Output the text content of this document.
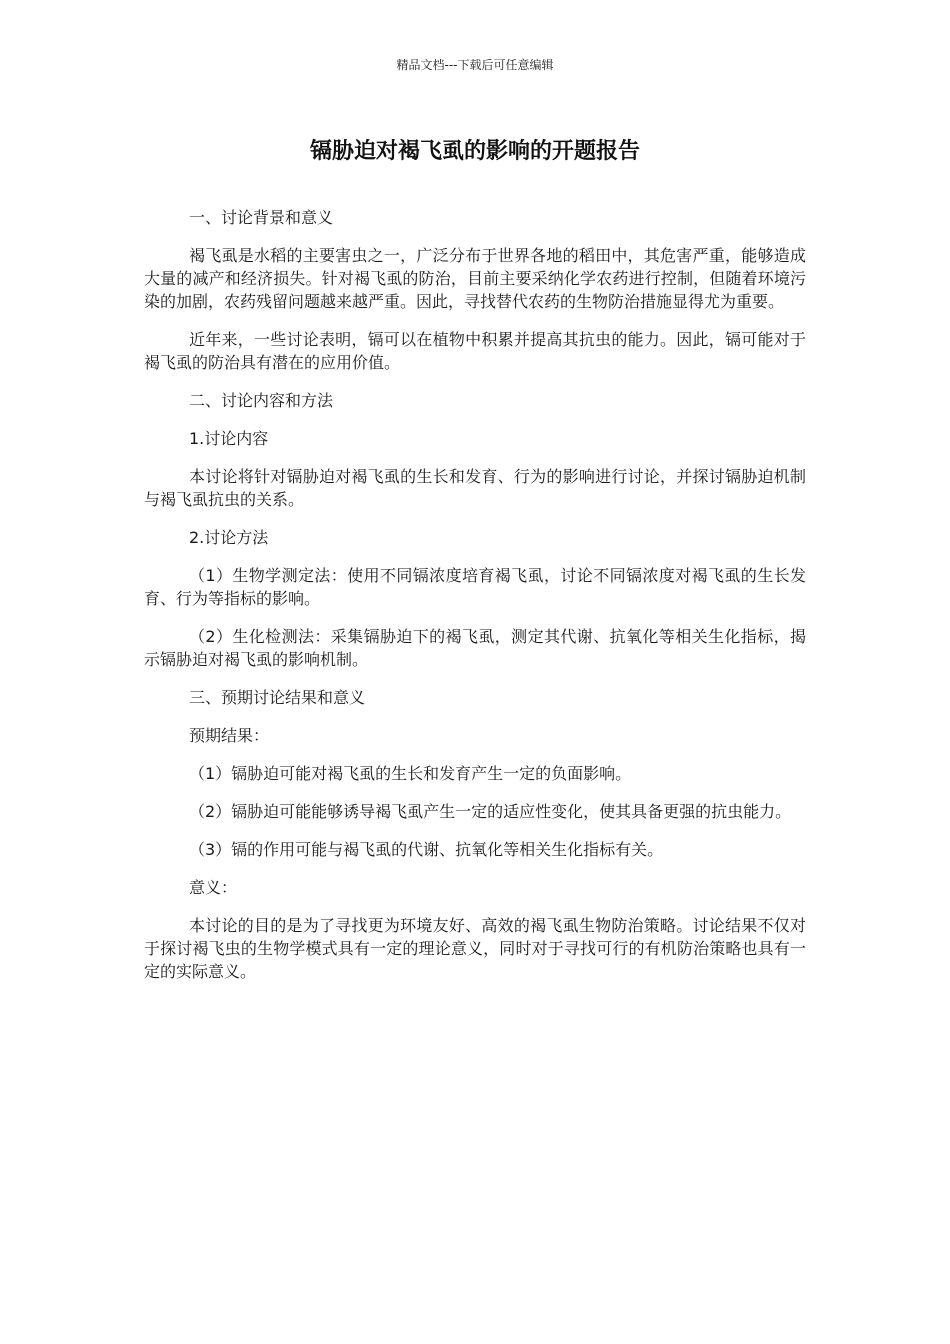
精品文档---下载后可任意编辑
镉胁迫对褐飞虱的影响的开题报告

一、讨论背景和意义

褐飞虱是水稻的主要害虫之一，广泛分布于世界各地的稻田中，其危害严重，能够造成大量的减产和经济损失。针对褐飞虱的防治，目前主要采纳化学农药进行控制，但随着环境污染的加剧，农药残留问题越来越严重。因此，寻找替代农药的生物防治措施显得尤为重要。

近年来，一些讨论表明，镉可以在植物中积累并提高其抗虫的能力。因此，镉可能对于褐飞虱的防治具有潜在的应用价值。

二、讨论内容和方法

1.讨论内容

本讨论将针对镉胁迫对褐飞虱的生长和发育、行为的影响进行讨论，并探讨镉胁迫机制与褐飞虱抗虫的关系。

2.讨论方法

（1）生物学测定法：使用不同镉浓度培育褐飞虱，讨论不同镉浓度对褐飞虱的生长发育、行为等指标的影响。

（2）生化检测法：采集镉胁迫下的褐飞虱，测定其代谢、抗氧化等相关生化指标，揭示镉胁迫对褐飞虱的影响机制。

三、预期讨论结果和意义

预期结果：

（1）镉胁迫可能对褐飞虱的生长和发育产生一定的负面影响。

（2）镉胁迫可能能够诱导褐飞虱产生一定的适应性变化，使其具备更强的抗虫能力。

（3）镉的作用可能与褐飞虱的代谢、抗氧化等相关生化指标有关。

意义：

本讨论的目的是为了寻找更为环境友好、高效的褐飞虱生物防治策略。讨论结果不仅对于探讨褐飞虫的生物学模式具有一定的理论意义，同时对于寻找可行的有机防治策略也具有一定的实际意义。
